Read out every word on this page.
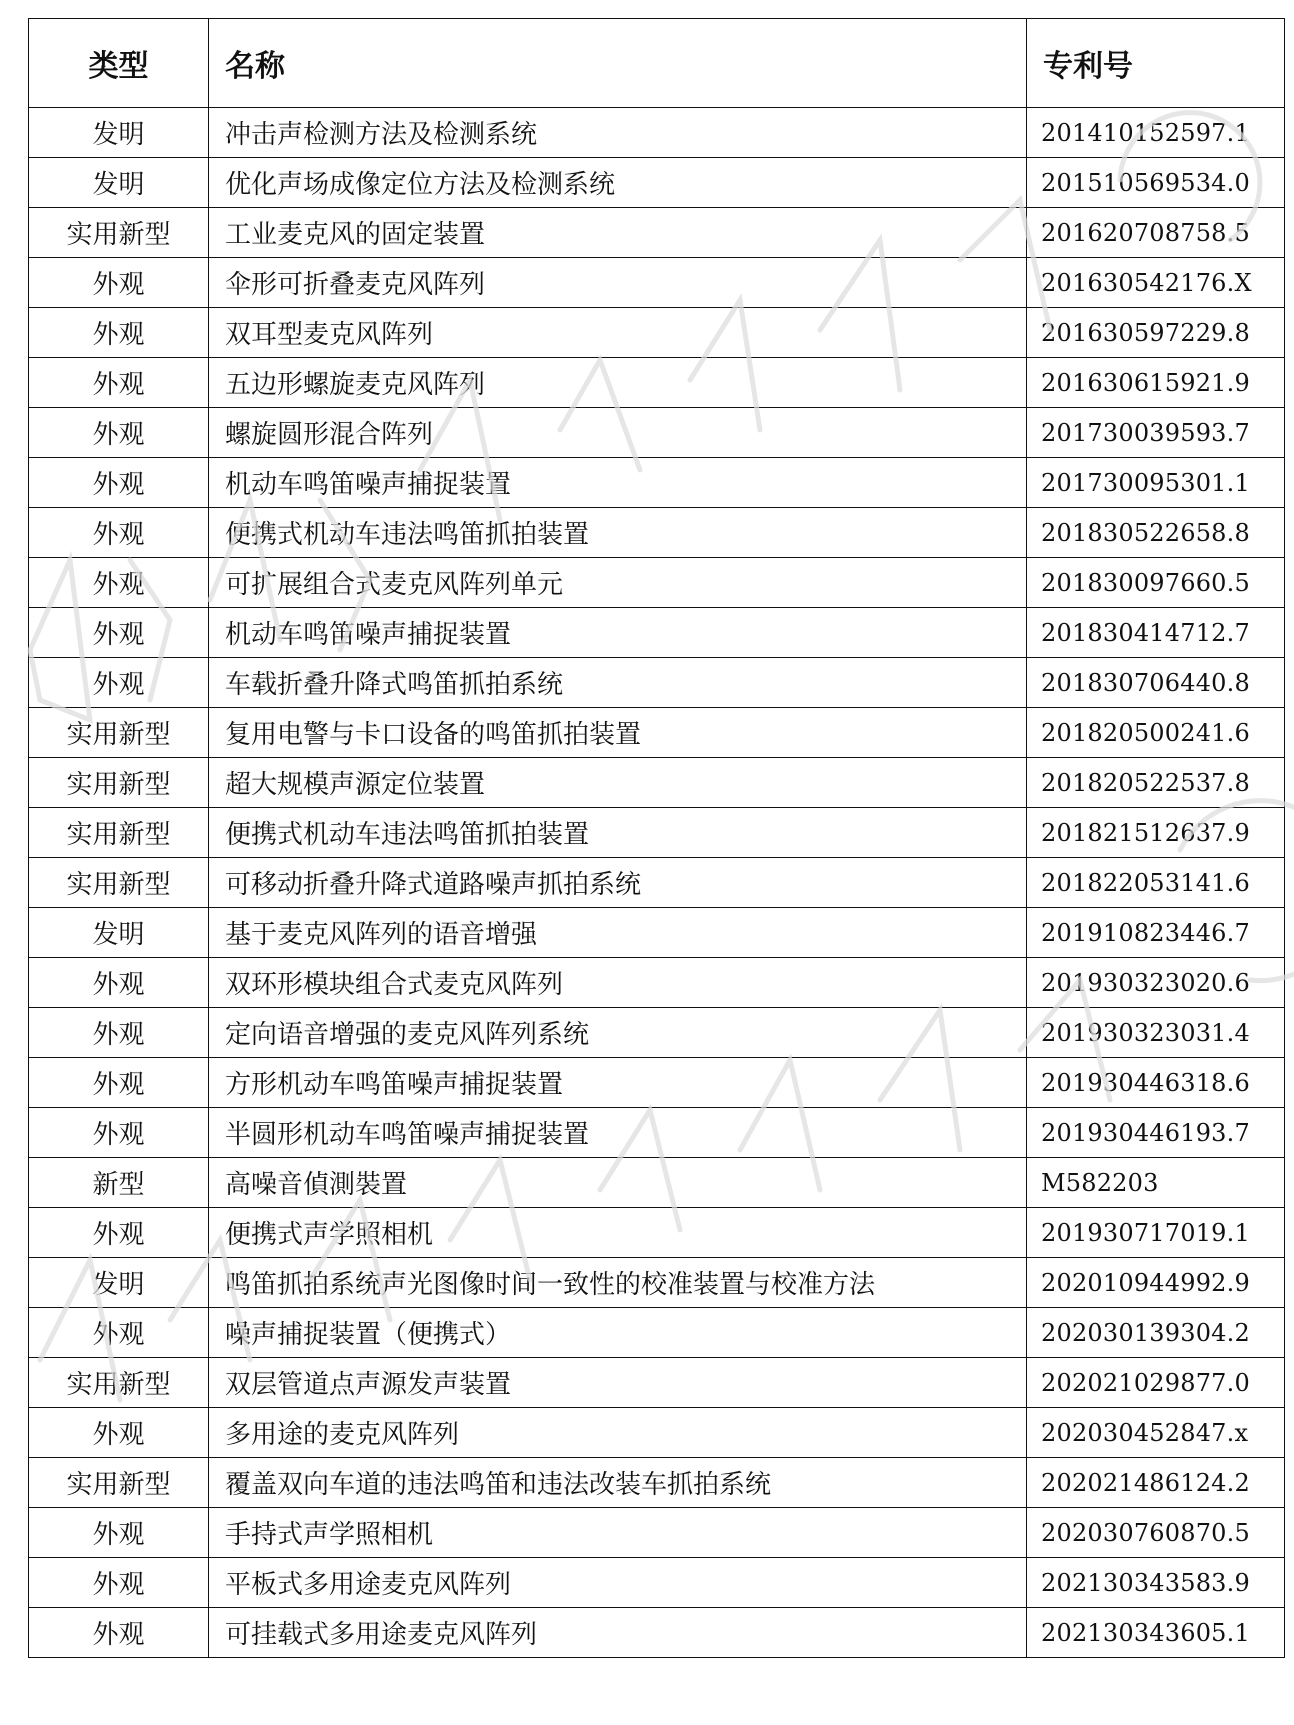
类型	名称	专利号
发明	冲击声检测方法及检测系统	201410152597.1
发明	优化声场成像定位方法及检测系统	201510569534.0
实用新型	工业麦克风的固定装置	201620708758.5
外观	伞形可折叠麦克风阵列	201630542176.X
外观	双耳型麦克风阵列	201630597229.8
外观	五边形螺旋麦克风阵列	201630615921.9
外观	螺旋圆形混合阵列	201730039593.7
外观	机动车鸣笛噪声捕捉装置	201730095301.1
外观	便携式机动车违法鸣笛抓拍装置	201830522658.8
外观	可扩展组合式麦克风阵列单元	201830097660.5
外观	机动车鸣笛噪声捕捉装置	201830414712.7
外观	车载折叠升降式鸣笛抓拍系统	201830706440.8
实用新型	复用电警与卡口设备的鸣笛抓拍装置	201820500241.6
实用新型	超大规模声源定位装置	201820522537.8
实用新型	便携式机动车违法鸣笛抓拍装置	201821512637.9
实用新型	可移动折叠升降式道路噪声抓拍系统	201822053141.6
发明	基于麦克风阵列的语音增强	201910823446.7
外观	双环形模块组合式麦克风阵列	201930323020.6
外观	定向语音增强的麦克风阵列系统	201930323031.4
外观	方形机动车鸣笛噪声捕捉装置	201930446318.6
外观	半圆形机动车鸣笛噪声捕捉装置	201930446193.7
新型	高噪音偵測裝置	M582203
外观	便携式声学照相机	201930717019.1
发明	鸣笛抓拍系统声光图像时间一致性的校准装置与校准方法	202010944992.9
外观	噪声捕捉装置（便携式）	202030139304.2
实用新型	双层管道点声源发声装置	202021029877.0
外观	多用途的麦克风阵列	202030452847.x
实用新型	覆盖双向车道的违法鸣笛和违法改装车抓拍系统	202021486124.2
外观	手持式声学照相机	202030760870.5
外观	平板式多用途麦克风阵列	202130343583.9
外观	可挂载式多用途麦克风阵列	202130343605.1
